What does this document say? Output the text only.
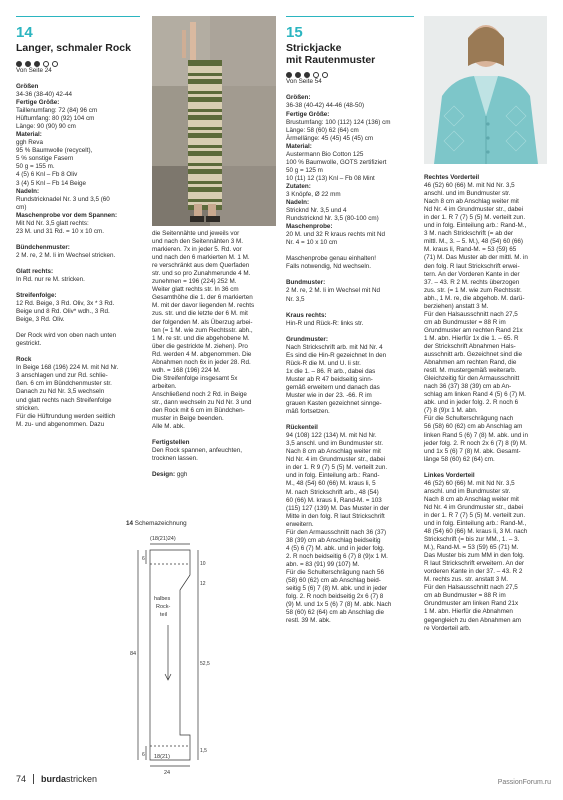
14
Langer, schmaler Rock

Von Seite 24

Größen

34-36 (38-40) 42-44

Fertige Größe:

Taillenumfang: 72 (84) 96 cm

Hüftumfang: 80 (92) 104 cm

Länge: 90 (90) 90 cm

Material:

ggh Reva

95 % Baumwolle (recycelt),

5 % sonstige Fasern

50 g = 155 m.

4 (5) 6 Knl – Fb 8 Oliv

3 (4) 5 Knl – Fb 14 Beige

Nadeln:

Rundstricknadel Nr. 3 und 3,5 (60

cm)

Maschenprobe vor dem Spannen:

Mit Nd Nr. 3,5 glatt rechts:

23 M. und 31 Rd. = 10 x 10 cm.

Bündchenmuster:

2 M. re, 2 M. li im Wechsel stricken.

Glatt rechts:

In Rd. nur re M. stricken.

Streifenfolge:

12 Rd. Beige, 3 Rd. Oliv, 3x * 3 Rd.

Beige und 8 Rd. Oliv* wdh., 3 Rd.

Beige, 3 Rd. Oliv.

Der Rock wird von oben nach unten

gestrickt.

Rock

In Beige 168 (196) 224 M. mit Nd Nr.

3 anschlagen und zur Rd. schlie-

ßen. 6 cm im Bündchenmuster str.

Danach zu Nd Nr. 3,5 wechseln

und glatt rechts nach Streifenfolge

stricken.

Für die Hüftrundung werden seitlich

M. zu- und abgenommen. Dazu

die Seitennähte und jeweils vor

und nach den Seitennähten 3 M.

markieren. 7x in jeder 5. Rd. vor

und nach den 6 markierten M. 1 M.

re verschränkt aus dem Querfaden

str. und so pro Zunahmerunde 4 M.

zunehmen = 196 (224) 252 M.

Weiter glatt rechts str. In 36 cm

Gesamthöhe die 1. der 6 markierten

M. mit der davor liegenden M. rechts

zus. str. und die letzte der 6 M. mit

der folgenden M. als Überzug arbei-

ten (= 1 M. wie zum Rechtsstr. abh.,

1 M. re str. und die abgehobene M.

über die gestrickte M. ziehen). Pro

Rd. werden 4 M. abgenommen. Die

Abnahmen noch 6x in jeder 28. Rd.

wdh. = 168 (196) 224 M.

Die Streifenfolge insgesamt 5x

arbeiten.

Anschließend noch 2 Rd. in Beige

str., dann wechseln zu Nd Nr. 3 und

den Rock mit 6 cm im Bündchen-

muster in Beige beenden.

Alle M. abk.

Fertigstellen

Den Rock spannen, anfeuchten,

trocknen lassen.

Design: ggh

14 Schemazeichnung
(18(21)24)
halbes
Rock-
teil
84
6
6
10
12
52,5
1,5
18(21)
24
15
Strickjacke
mit Rautenmuster

Von Seite 54

Größen:

36-38 (40-42) 44-46 (48-50)

Fertige Größe:

Brustumfang: 100 (112) 124 (136) cm

Länge: 58 (60) 62 (64) cm

Ärmellänge: 45 (45) 45 (45) cm

Material:

Austermann Bio Cotton 125

100 % Baumwolle, GOTS zertifiziert

50 g = 125 m

10 (11) 12 (13) Knl – Fb 08 Mint

Zutaten:

3 Knöpfe, Ø 22 mm

Nadeln:

Stricknd Nr. 3,5 und 4

Rundstricknd Nr. 3,5 (80-100 cm)

Maschenprobe:

20 M. und 32 R kraus rechts mit Nd

Nr. 4 = 10 x 10 cm

Maschenprobe genau einhalten!

Falls notwendig, Nd wechseln.

Bundmuster:

2 M. re, 2 M. li im Wechsel mit Nd

Nr. 3,5

Kraus rechts:

Hin-R und Rück-R: links str.

Grundmuster:

Nach Strickschrift arb. mit Nd Nr. 4

Es sind die Hin-R gezeichnet In den

Rück-R die M. und U. li str.

1x die 1. – 86. R arb., dabei das

Muster ab R 47 beidseitig sinn-

gemäß erweitern und danach das

Muster wie in der 23. -66. R im

grauen Kasten gezeichnet sinnge-

mäß fortsetzen.

Rückenteil

94 (108) 122 (134) M. mit Nd Nr.

3,5 anschl. und im Bundmuster str.

Nach 8 cm ab Anschlag weiter mit

Nd Nr. 4 im Grundmuster str., dabei

in der 1. R 9 (7) 5 (5) M. verteilt zun.

und in folg. Einteilung arb.: Rand-

M., 48 (54) 60 (66) M. kraus li, 5

M. nach Strickschrift arb., 48 (54)

60 (66) M. kraus li, Rand-M. = 103

(115) 127 (139) M. Das Muster in der

Mitte in den folg. R laut Strickschrift

erweitern.

Für den Armausschnitt nach 36 (37)

38 (39) cm ab Anschlag beidseitig

4 (5) 6 (7) M. abk. und in jeder folg.

2. R noch beidseitig 6 (7) 8 (9)x 1 M.

abn. = 83 (91) 99 (107) M.

Für die Schulterschrägung nach 56

(58) 60 (62) cm ab Anschlag beid-

seitig 5 (6) 7 (8) M. abk. und in jeder

folg. 2. R noch beidseitig 2x 6 (7) 8

(9) M. und 1x 5 (6) 7 (8) M. abk. Nach

58 (60) 62 (64) cm ab Anschlag die

restl. 39 M. abk.

Rechtes Vorderteil

46 (52) 60 (66) M. mit Nd Nr. 3,5

anschl. und im Bundmuster str.

Nach 8 cm ab Anschlag weiter mit

Nd Nr. 4 im Grundmuster str., dabei

in der 1. R 7 (7) 5 (5) M. verteilt zun.

und in folg. Einteilung arb.: Rand-M.,

3 M. nach Strickschrift (= ab der

mittl. M., 3. – 5. M.), 48 (54) 60 (66)

M. kraus li, Rand-M. = 53 (59) 65

(71) M. Das Muster ab der mittl. M. in

den folg. R laut Strickschrift erwei-

tern. An der Vorderen Kante in der

37. – 43. R 2 M. rechts überzogen

zus. str. (= 1 M. wie zum Rechtsstr.

abh., 1 M. re, die abgehob. M. darü-

berziehen) anstatt 3 M.

Für den Halsausschnitt nach 27,5

cm ab Bundmuster = 88 R im

Grundmuster am rechten Rand 21x

1 M. abn. Hierfür 1x die 1. – 65. R

der Strickschrift Abnahmen Hals-

ausschnitt arb. Gezeichnet sind die

Abnahmen am rechten Rand, die

restl. M. mustergemäß weiterarb.

Gleichzeitig für den Armausschnitt

nach 36 (37) 38 (39) cm ab An-

schlag am linken Rand 4 (5) 6 (7) M.

abk. und in jeder folg. 2. R noch 6

(7) 8 (9)x 1 M. abn.

Für die Schulterschrägung nach

56 (58) 60 (62) cm ab Anschlag am

linken Rand 5 (6) 7 (8) M. abk. und in

jeder folg. 2. R noch 2x 6 (7) 8 (9) M.

und 1x 5 (6) 7 (8) M. abk. Gesamt-

länge 58 (60) 62 (64) cm.

Linkes Vorderteil

46 (52) 60 (66) M. mit Nd Nr. 3,5

anschl. und im Bundmuster str.

Nach 8 cm ab Anschlag weiter mit

Nd Nr. 4 im Grundmuster str., dabei

in der 1. R 7 (7) 5 (5) M. verteilt zun.

und in folg. Einteilung arb.: Rand-M.,

48 (54) 60 (66) M. kraus li, 3 M. nach

Strickschrift (= bis zur MM., 1. – 3.

M.), Rand-M. = 53 (59) 65 (71) M.

Das Muster bis zum MM in den folg.

R laut Strickschrift erweitern. An der

vorderen Kante in der 37. – 43. R 2

M. rechts zus. str. anstatt 3 M.

Für den Halsausschnitt nach 27,5

cm ab Bundmuster = 88 R im

Grundmuster am linken Rand 21x

1 M. abn. Hierfür die Abnahmen

gegengleich zu den Abnahmen am

re Vorderteil arb.

74 burdastricken	PassionForum.ru
